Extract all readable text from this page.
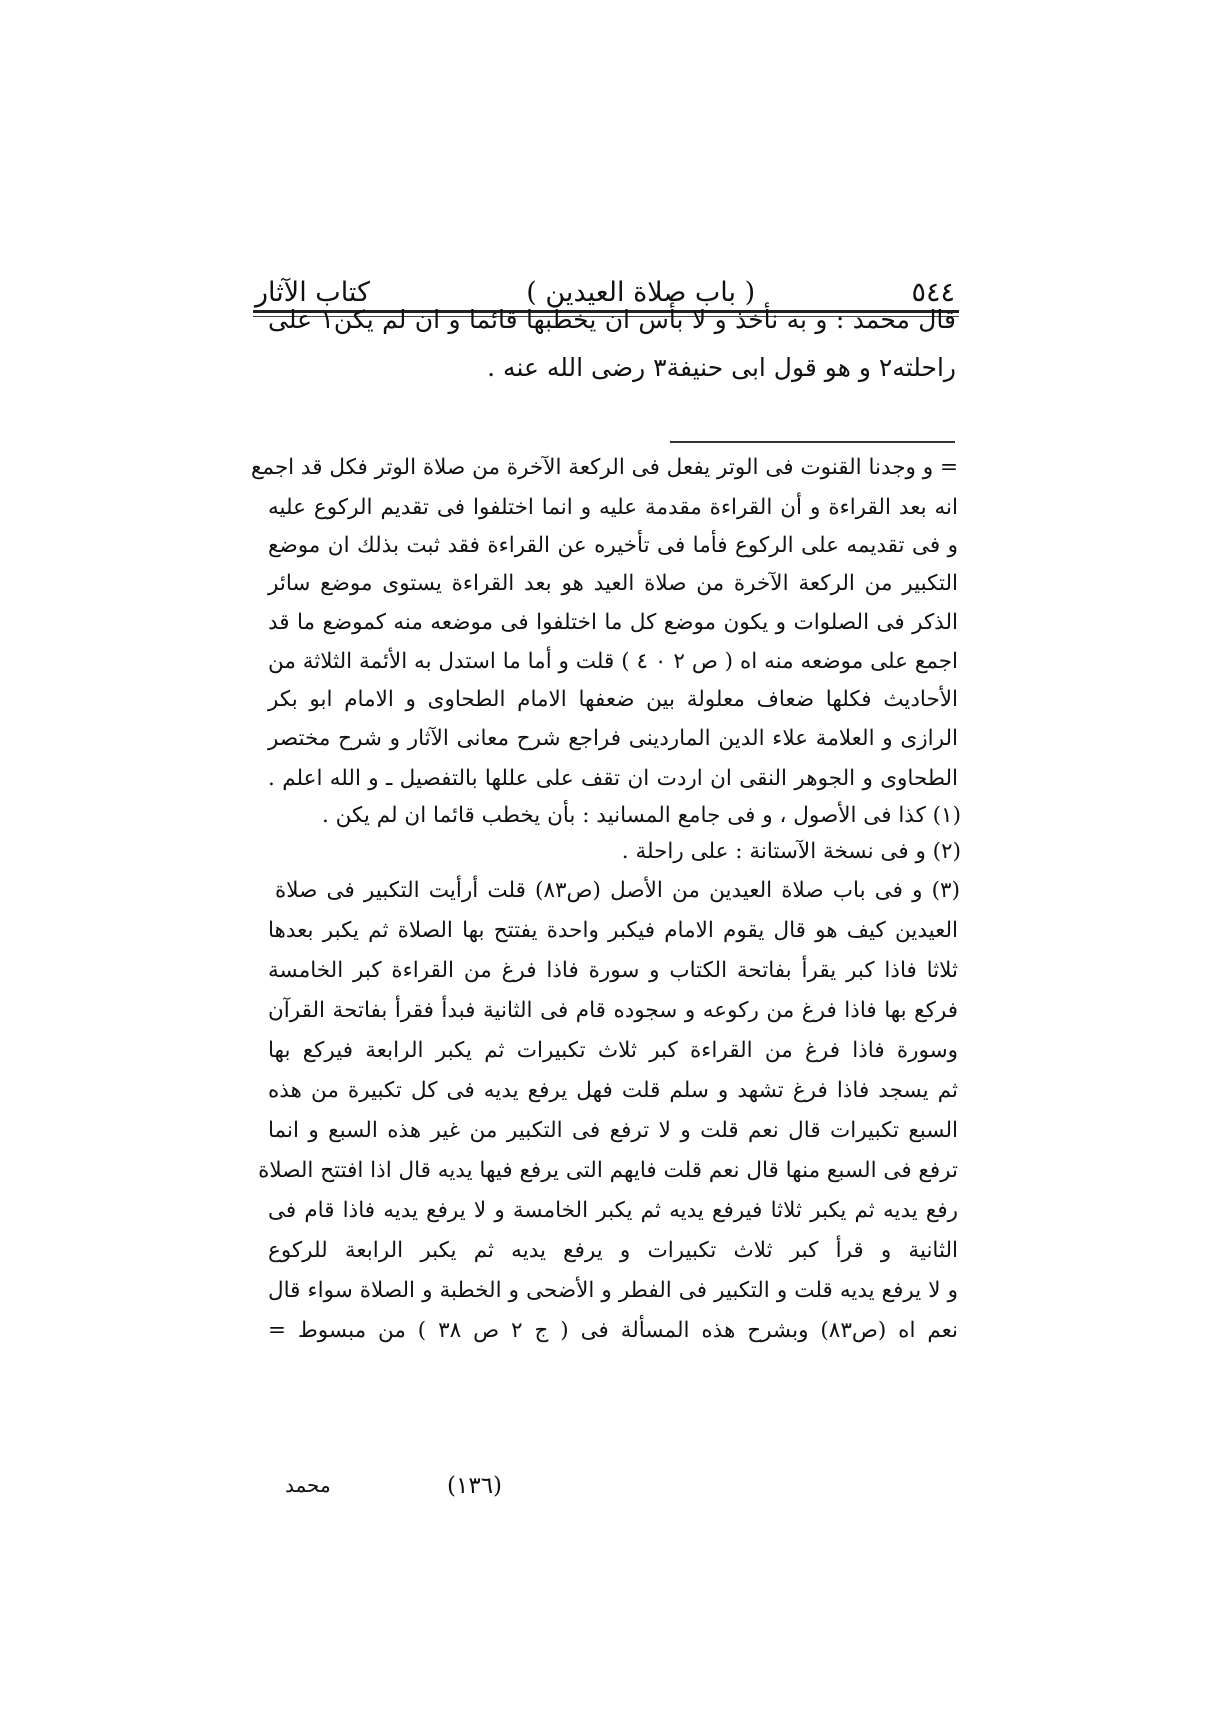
٥٤٤
( باب صلاة العيدين )
كتاب الآثار
قال محمد : و به نأخذ و لا بأس ان يخطبها قائما و ان لم يكن١ على
راحلته٢ و هو قول ابى حنيفة٣ رضى الله عنه .
= و وجدنا القنوت فى الوتر يفعل فى الركعة الآخرة من صلاة الوتر فكل قد اجمع
انه بعد القراءة و أن القراءة مقدمة عليه و انما اختلفوا فى تقديم الركوع عليه
و فى تقديمه على الركوع فأما فى تأخيره عن القراءة فقد ثبت بذلك ان موضع
التكبير من الركعة الآخرة من صلاة العيد هو بعد القراءة يستوى موضع سائر
الذكر فى الصلوات و يكون موضع كل ما اختلفوا فى موضعه منه كموضع ما قد
اجمع على موضعه منه اه ( ص ٢ ٠ ٤ ) قلت و أما ما استدل به الأئمة الثلاثة من
الأحاديث فكلها ضعاف معلولة بين ضعفها الامام الطحاوى و الامام ابو بكر
الرازى و العلامة علاء الدين الماردينى فراجع شرح معانى الآثار و شرح مختصر
الطحاوى و الجوهر النقى ان اردت ان تقف على عللها بالتفصيل ـ و الله اعلم .
(١) كذا فى الأصول ، و فى جامع المسانيد : بأن يخطب قائما ان لم يكن .
(٢) و فى نسخة الآستانة : على راحلة .
(٣) و فى باب صلاة العيدين من الأصل (ص٨٣) قلت أرأيت التكبير فى صلاة
العيدين كيف هو قال يقوم الامام فيكبر واحدة يفتتح بها الصلاة ثم يكبر بعدها
ثلاثا فاذا كبر يقرأ بفاتحة الكتاب و سورة فاذا فرغ من القراءة كبر الخامسة
فركع بها فاذا فرغ من ركوعه و سجوده قام فى الثانية فبدأ فقرأ بفاتحة القرآن
وسورة فاذا فرغ من القراءة كبر ثلاث تكبيرات ثم يكبر الرابعة فيركع بها
ثم يسجد فاذا فرغ تشهد و سلم قلت فهل يرفع يديه فى كل تكبيرة من هذه
السبع تكبيرات قال نعم قلت و لا ترفع فى التكبير من غير هذه السبع و انما
ترفع فى السبع منها قال نعم قلت فايهم التى يرفع فيها يديه قال اذا افتتح الصلاة
رفع يديه ثم يكبر ثلاثا فيرفع يديه ثم يكبر الخامسة و لا يرفع يديه فاذا قام فى
الثانية و قرأ كبر ثلاث تكبيرات و يرفع يديه ثم يكبر الرابعة للركوع
و لا يرفع يديه قلت و التكبير فى الفطر و الأضحى و الخطبة و الصلاة سواء قال
نعم اه (ص٨٣) وبشرح هذه المسألة فى ( ج ٢ ص ٣٨ ) من مبسوط =
(١٣٦)
محمد
